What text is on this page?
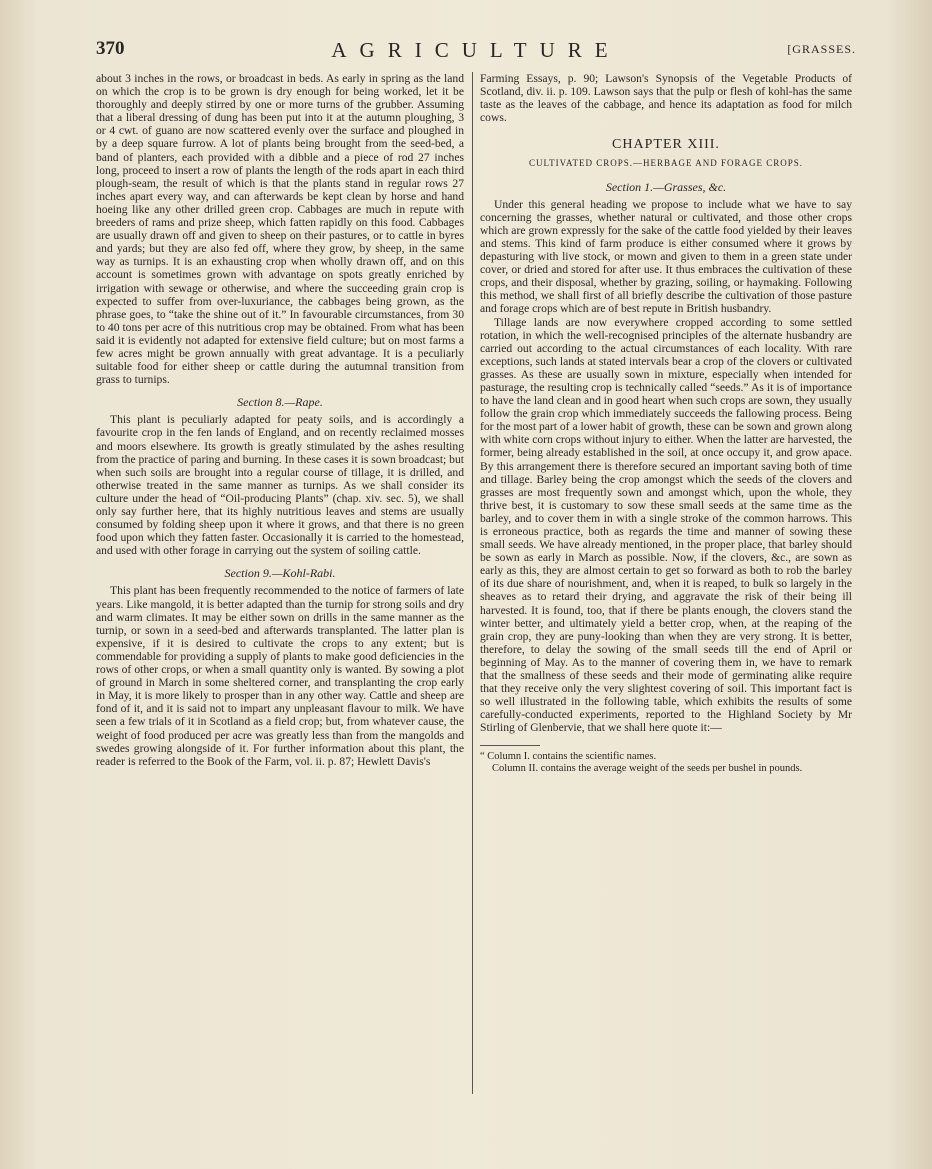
370	AGRICULTURE	[GRASSES.

about 3 inches in the rows, or broadcast in beds. As early in spring as the land on which the crop is to be grown is dry enough for being worked, let it be thoroughly and deeply stirred by one or more turns of the grubber. Assuming that a liberal dressing of dung has been put into it at the autumn ploughing, 3 or 4 cwt. of guano are now scattered evenly over the surface and ploughed in by a deep square furrow. A lot of plants being brought from the seed-bed, a band of planters, each provided with a dibble and a piece of rod 27 inches long, proceed to insert a row of plants the length of the rods apart in each third plough-seam, the result of which is that the plants stand in regular rows 27 inches apart every way, and can afterwards be kept clean by horse and hand hoeing like any other drilled green crop. Cabbages are much in repute with breeders of rams and prize sheep, which fatten rapidly on this food. Cabbages are usually drawn off and given to sheep on their pastures, or to cattle in byres and yards; but they are also fed off, where they grow, by sheep, in the same way as turnips. It is an exhausting crop when wholly drawn off, and on this account is sometimes grown with advantage on spots greatly enriched by irrigation with sewage or otherwise, and where the succeeding grain crop is expected to suffer from over-luxuriance, the cabbages being grown, as the phrase goes, to “take the shine out of it.” In favourable circumstances, from 30 to 40 tons per acre of this nutritious crop may be obtained. From what has been said it is evidently not adapted for extensive field culture; but on most farms a few acres might be grown annually with great advantage. It is a peculiarly suitable food for either sheep or cattle during the autumnal transition from grass to turnips.

Section 8.—Rape.

This plant is peculiarly adapted for peaty soils, and is accordingly a favourite crop in the fen lands of England, and on recently reclaimed mosses and moors elsewhere. Its growth is greatly stimulated by the ashes resulting from the practice of paring and burning. In these cases it is sown broadcast; but when such soils are brought into a regular course of tillage, it is drilled, and otherwise treated in the same manner as turnips. As we shall consider its culture under the head of “Oil-producing Plants” (chap. xiv. sec. 5), we shall only say further here, that its highly nutritious leaves and stems are usually consumed by folding sheep upon it where it grows, and that there is no green food upon which they fatten faster. Occasionally it is carried to the homestead, and used with other forage in carrying out the system of soiling cattle.

Section 9.—Kohl-Rabi.

This plant has been frequently recommended to the notice of farmers of late years. Like mangold, it is better adapted than the turnip for strong soils and dry and warm climates. It may be either sown on drills in the same manner as the turnip, or sown in a seed-bed and afterwards transplanted. The latter plan is expensive, if it is desired to cultivate the crops to any extent; but is commendable for providing a supply of plants to make good deficiencies in the rows of other crops, or when a small quantity only is wanted. By sowing a plot of ground in March in some sheltered corner, and transplanting the crop early in May, it is more likely to prosper than in any other way. Cattle and sheep are fond of it, and it is said not to impart any unpleasant flavour to milk. We have seen a few trials of it in Scotland as a field crop; but, from whatever cause, the weight of food produced per acre was greatly less than from the mangolds and swedes growing alongside of it. For further information about this plant, the reader is referred to the Book of the Farm, vol. ii. p. 87; Hewlett Davis's

Farming Essays, p. 90; Lawson's Synopsis of the Vegetable Products of Scotland, div. ii. p. 109. Lawson says that the pulp or flesh of kohl-has the same taste as the leaves of the cabbage, and hence its adaptation as food for milch cows.

CHAPTER XIII.
CULTIVATED CROPS.—HERBAGE AND FORAGE CROPS.
Section 1.—Grasses, &c.

Under this general heading we propose to include what we have to say concerning the grasses, whether natural or cultivated, and those other crops which are grown expressly for the sake of the cattle food yielded by their leaves and stems. This kind of farm produce is either consumed where it grows by depasturing with live stock, or mown and given to them in a green state under cover, or dried and stored for after use. It thus embraces the cultivation of these crops, and their disposal, whether by grazing, soiling, or haymaking. Following this method, we shall first of all briefly describe the cultivation of those pasture and forage crops which are of best repute in British husbandry.

Tillage lands are now everywhere cropped according to some settled rotation, in which the well-recognised principles of the alternate husbandry are carried out according to the actual circumstances of each locality. With rare exceptions, such lands at stated intervals bear a crop of the clovers or cultivated grasses. As these are usually sown in mixture, especially when intended for pasturage, the resulting crop is technically called “seeds.” As it is of importance to have the land clean and in good heart when such crops are sown, they usually follow the grain crop which immediately succeeds the fallowing process. Being for the most part of a lower habit of growth, these can be sown and grown along with white corn crops without injury to either. When the latter are harvested, the former, being already established in the soil, at once occupy it, and grow apace. By this arrangement there is therefore secured an important saving both of time and tillage. Barley being the crop amongst which the seeds of the clovers and grasses are most frequently sown and amongst which, upon the whole, they thrive best, it is customary to sow these small seeds at the same time as the barley, and to cover them in with a single stroke of the common harrows. This is erroneous practice, both as regards the time and manner of sowing these small seeds. We have already mentioned, in the proper place, that barley should be sown as early in March as possible. Now, if the clovers, &c., are sown as early as this, they are almost certain to get so forward as both to rob the barley of its due share of nourishment, and, when it is reaped, to bulk so largely in the sheaves as to retard their drying, and aggravate the risk of their being ill harvested. It is found, too, that if there be plants enough, the clovers stand the winter better, and ultimately yield a better crop, when, at the reaping of the grain crop, they are puny-looking than when they are very strong. It is better, therefore, to delay the sowing of the small seeds till the end of April or beginning of May. As to the manner of covering them in, we have to remark that the smallness of these seeds and their mode of germinating alike require that they receive only the very slightest covering of soil. This important fact is so well illustrated in the following table, which exhibits the results of some carefully-conducted experiments, reported to the Highland Society by Mr Stirling of Glenbervie, that we shall here quote it:—

“ Column I. contains the scientific names.

Column II. contains the average weight of the seeds per bushel in pounds.
